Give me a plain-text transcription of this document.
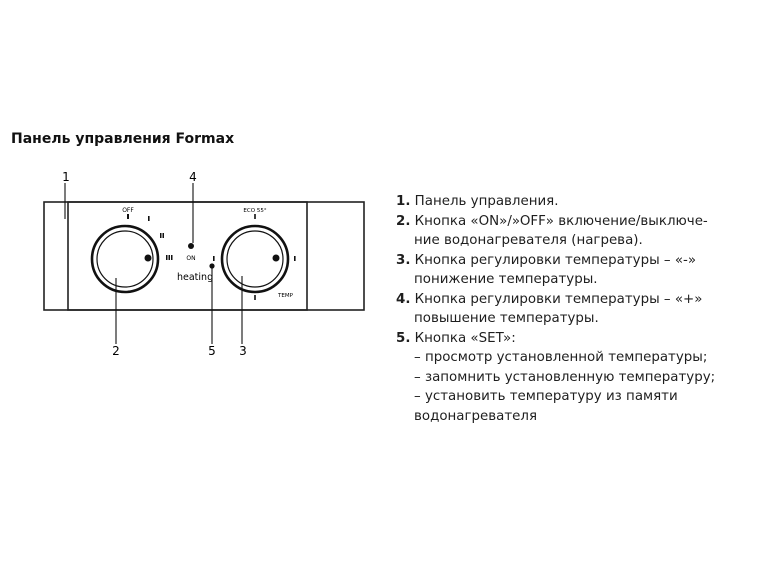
Панель управления Formax
OFF
ON
heating
ECO 55°
TEMP
1	4
2	5 3

1. Панель управления.

2. Кнопка «ON»/»OFF» включение/выключе-

ние водонагревателя (нагрева).

3. Кнопка регулировки температуры – «-»

понижение температуры.

4. Кнопка регулировки температуры – «+»

повышение температуры.

5. Кнопка «SET»:

– просмотр установленной температуры;

– запомнить установленную температуру;

– установить температуру из памяти

водонагревателя
